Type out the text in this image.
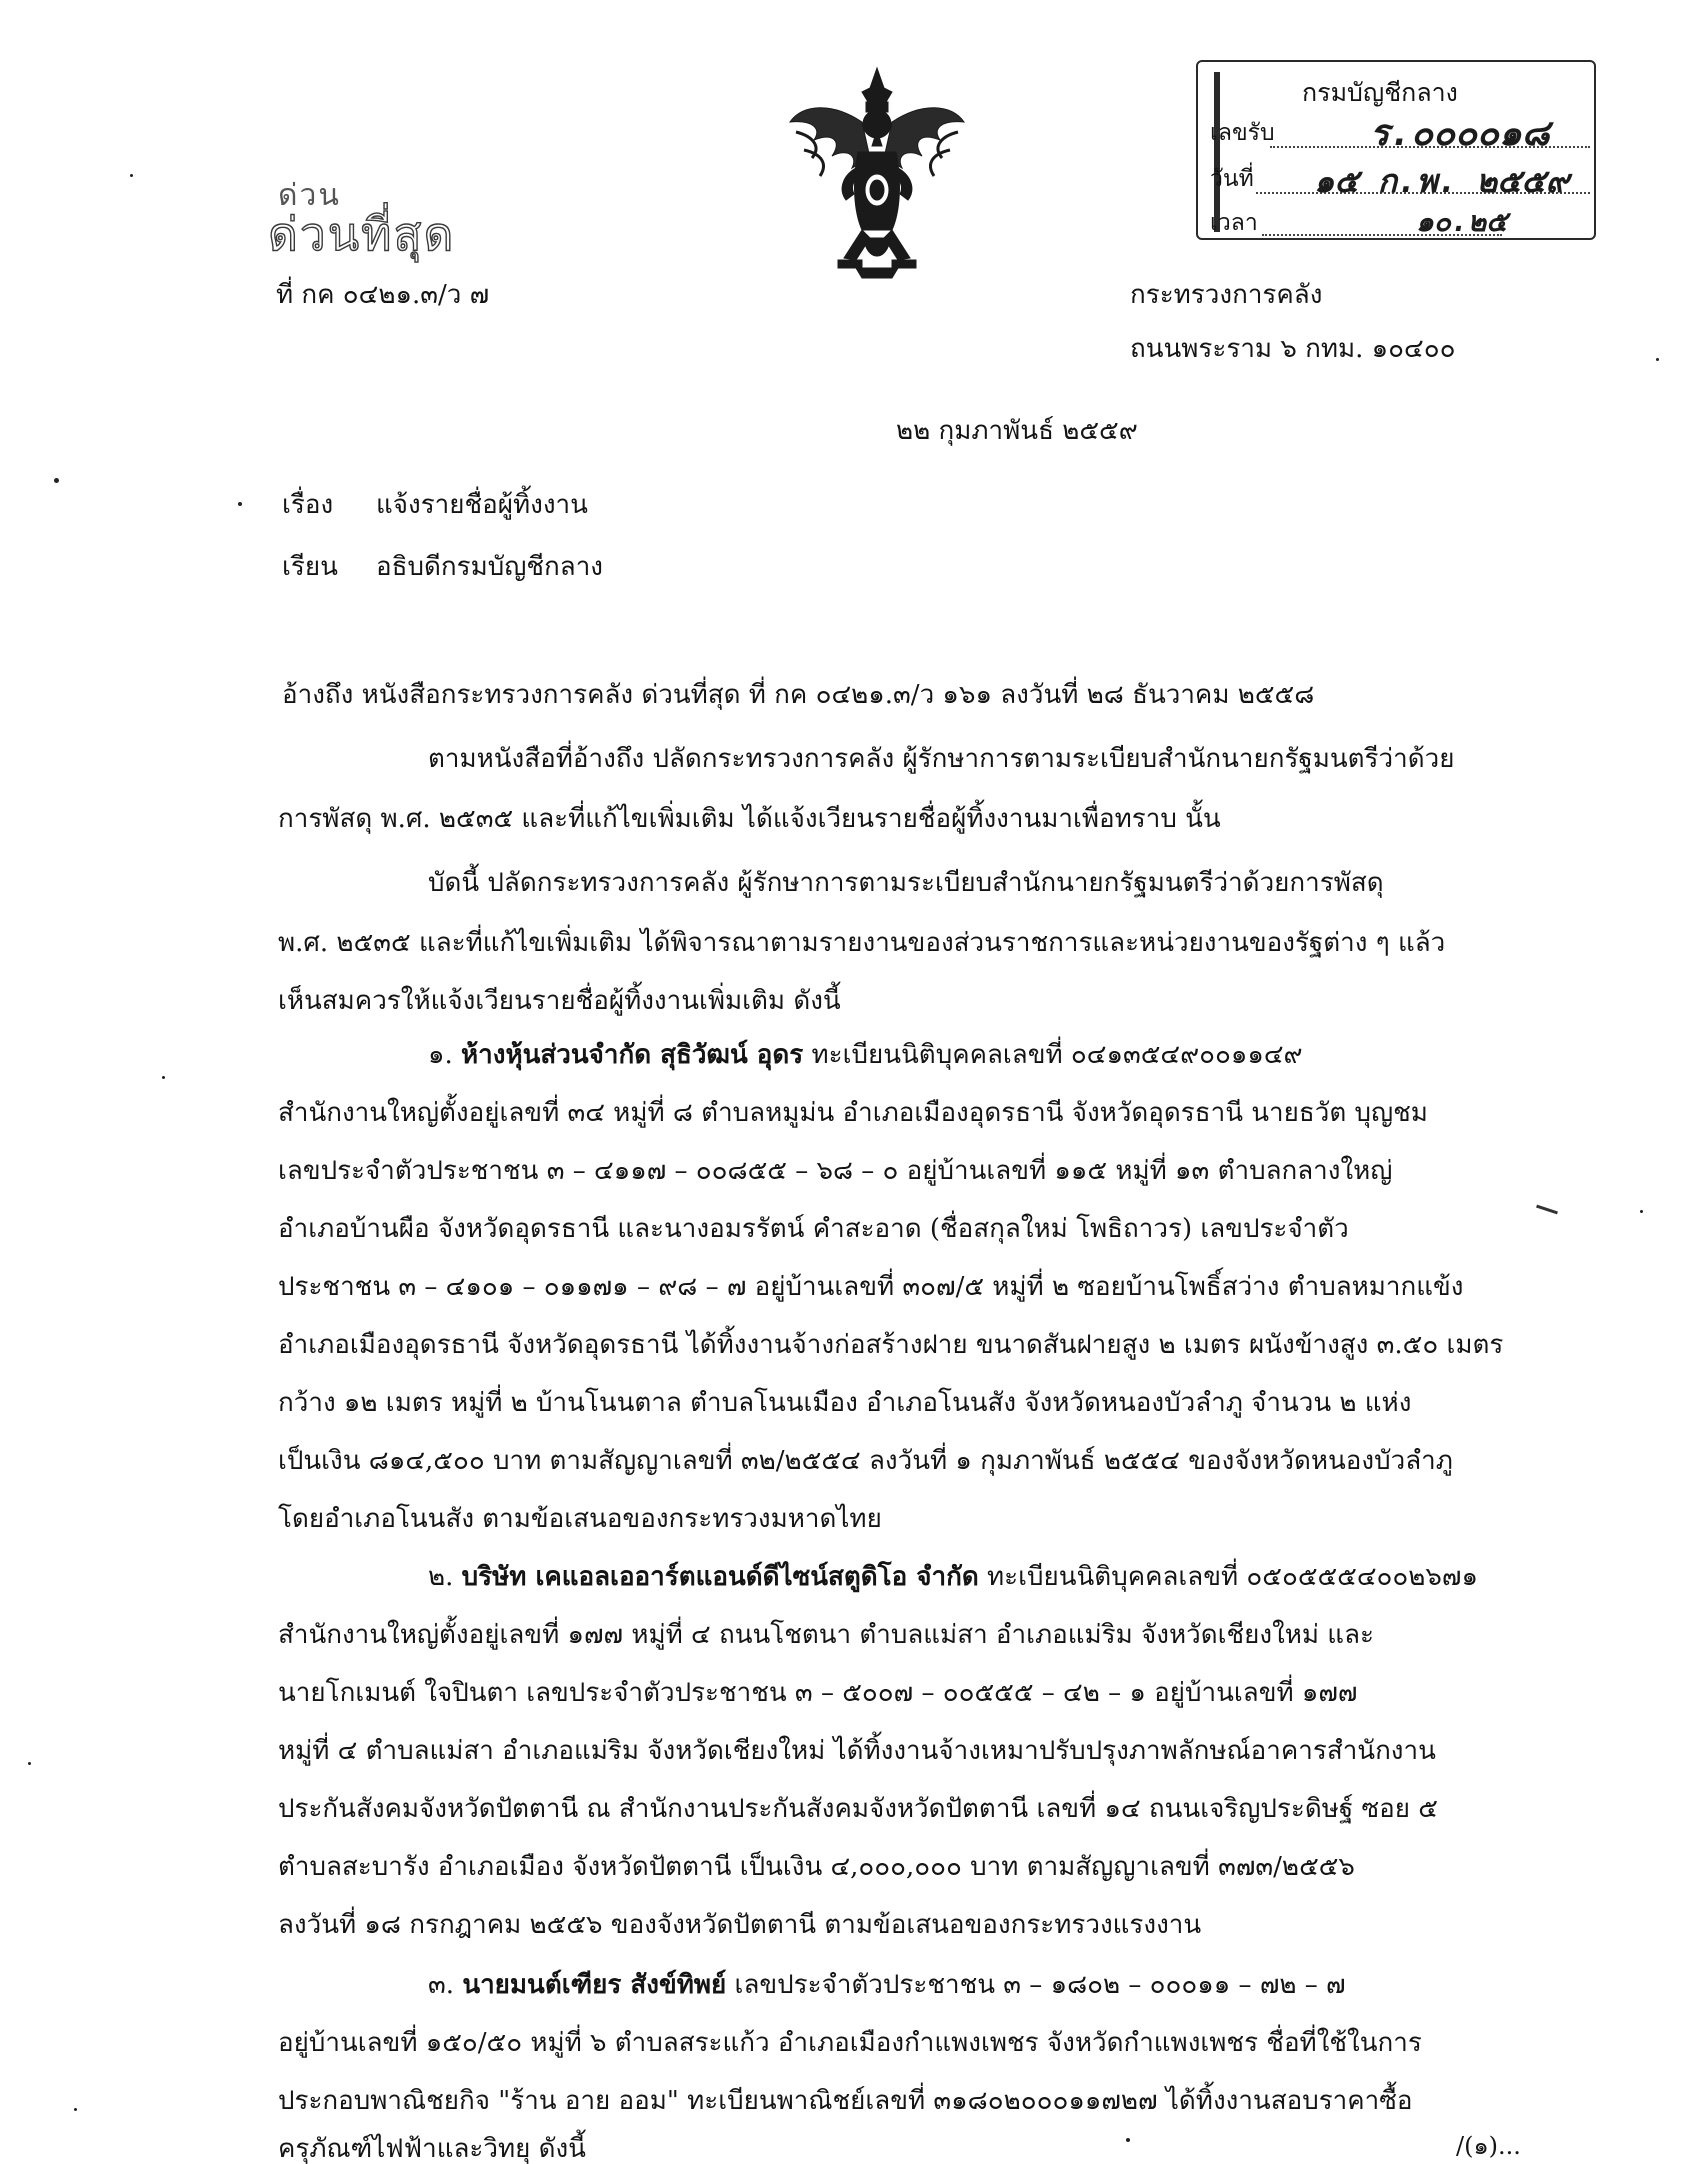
ด่วน
ด่วนที่สุด
ที่ กค ๐๔๒๑.๓/ว ๗
กรมบัญชีกลาง
เลขรับ	ร.๐๐๐๐๑๘
วันที่ ๑๕ ก.พ. ๒๕๕๙
เวลา	๑๐.๒๕
กระทรวงการคลัง
ถนนพระราม ๖ กทม. ๑๐๔๐๐
๒๒ กุมภาพันธ์ ๒๕๕๙
เรื่อง แจ้งรายชื่อผู้ทิ้งงาน
เรียน อธิบดีกรมบัญชีกลาง
อ้างถึง หนังสือกระทรวงการคลัง ด่วนที่สุด ที่ กค ๐๔๒๑.๓/ว ๑๖๑ ลงวันที่ ๒๘ ธันวาคม ๒๕๕๘
ตามหนังสือที่อ้างถึง ปลัดกระทรวงการคลัง ผู้รักษาการตามระเบียบสำนักนายกรัฐมนตรีว่าด้วย
การพัสดุ พ.ศ. ๒๕๓๕ และที่แก้ไขเพิ่มเติม ได้แจ้งเวียนรายชื่อผู้ทิ้งงานมาเพื่อทราบ นั้น
บัดนี้ ปลัดกระทรวงการคลัง ผู้รักษาการตามระเบียบสำนักนายกรัฐมนตรีว่าด้วยการพัสดุ
พ.ศ. ๒๕๓๕ และที่แก้ไขเพิ่มเติม ได้พิจารณาตามรายงานของส่วนราชการและหน่วยงานของรัฐต่าง ๆ แล้ว
เห็นสมควรให้แจ้งเวียนรายชื่อผู้ทิ้งงานเพิ่มเติม ดังนี้
๑. ห้างหุ้นส่วนจำกัด สุธิวัฒน์ อุดร ทะเบียนนิติบุคคลเลขที่ ๐๔๑๓๕๔๙๐๐๑๑๔๙
สำนักงานใหญ่ตั้งอยู่เลขที่ ๓๔ หมู่ที่ ๘ ตำบลหมูม่น อำเภอเมืองอุดรธานี จังหวัดอุดรธานี นายธวัต บุญชม
เลขประจำตัวประชาชน ๓ – ๔๑๑๗ – ๐๐๘๕๕ – ๖๘ – ๐ อยู่บ้านเลขที่ ๑๑๕ หมู่ที่ ๑๓ ตำบลกลางใหญ่
อำเภอบ้านผือ จังหวัดอุดรธานี และนางอมรรัตน์ คำสะอาด (ชื่อสกุลใหม่ โพธิถาวร) เลขประจำตัว
ประชาชน ๓ – ๔๑๐๑ – ๐๑๑๗๑ – ๙๘ – ๗ อยู่บ้านเลขที่ ๓๐๗/๕ หมู่ที่ ๒ ซอยบ้านโพธิ์สว่าง ตำบลหมากแข้ง
อำเภอเมืองอุดรธานี จังหวัดอุดรธานี ได้ทิ้งงานจ้างก่อสร้างฝาย ขนาดสันฝายสูง ๒ เมตร ผนังข้างสูง ๓.๕๐ เมตร
กว้าง ๑๒ เมตร หมู่ที่ ๒ บ้านโนนตาล ตำบลโนนเมือง อำเภอโนนสัง จังหวัดหนองบัวลำภู จำนวน ๒ แห่ง
เป็นเงิน ๘๑๔,๕๐๐ บาท ตามสัญญาเลขที่ ๓๒/๒๕๕๔ ลงวันที่ ๑ กุมภาพันธ์ ๒๕๕๔ ของจังหวัดหนองบัวลำภู
โดยอำเภอโนนสัง ตามข้อเสนอของกระทรวงมหาดไทย
๒. บริษัท เคแอลเออาร์ตแอนด์ดีไซน์สตูดิโอ จำกัด ทะเบียนนิติบุคคลเลขที่ ๐๕๐๕๕๕๔๐๐๒๖๗๑
สำนักงานใหญ่ตั้งอยู่เลขที่ ๑๗๗ หมู่ที่ ๔ ถนนโชตนา ตำบลแม่สา อำเภอแม่ริม จังหวัดเชียงใหม่ และ
นายโกเมนต์ ใจปินตา เลขประจำตัวประชาชน ๓ – ๕๐๐๗ – ๐๐๕๕๕ – ๔๒ – ๑ อยู่บ้านเลขที่ ๑๗๗
หมู่ที่ ๔ ตำบลแม่สา อำเภอแม่ริม จังหวัดเชียงใหม่ ได้ทิ้งงานจ้างเหมาปรับปรุงภาพลักษณ์อาคารสำนักงาน
ประกันสังคมจังหวัดปัตตานี ณ สำนักงานประกันสังคมจังหวัดปัตตานี เลขที่ ๑๔ ถนนเจริญประดิษฐ์ ซอย ๕
ตำบลสะบารัง อำเภอเมือง จังหวัดปัตตานี เป็นเงิน ๔,๐๐๐,๐๐๐ บาท ตามสัญญาเลขที่ ๓๗๓/๒๕๕๖
ลงวันที่ ๑๘ กรกฎาคม ๒๕๕๖ ของจังหวัดปัตตานี ตามข้อเสนอของกระทรวงแรงงาน
๓. นายมนต์เฑียร สังข์ทิพย์ เลขประจำตัวประชาชน ๓ – ๑๘๐๒ – ๐๐๐๑๑ – ๗๒ – ๗
อยู่บ้านเลขที่ ๑๕๐/๕๐ หมู่ที่ ๖ ตำบลสระแก้ว อำเภอเมืองกำแพงเพชร จังหวัดกำแพงเพชร ชื่อที่ใช้ในการ
ประกอบพาณิชยกิจ "ร้าน อาย ออม" ทะเบียนพาณิชย์เลขที่ ๓๑๘๐๒๐๐๐๑๑๗๒๗ ได้ทิ้งงานสอบราคาซื้อ
ครุภัณฑ์ไฟฟ้าและวิทยุ ดังนี้	/(๑)...
